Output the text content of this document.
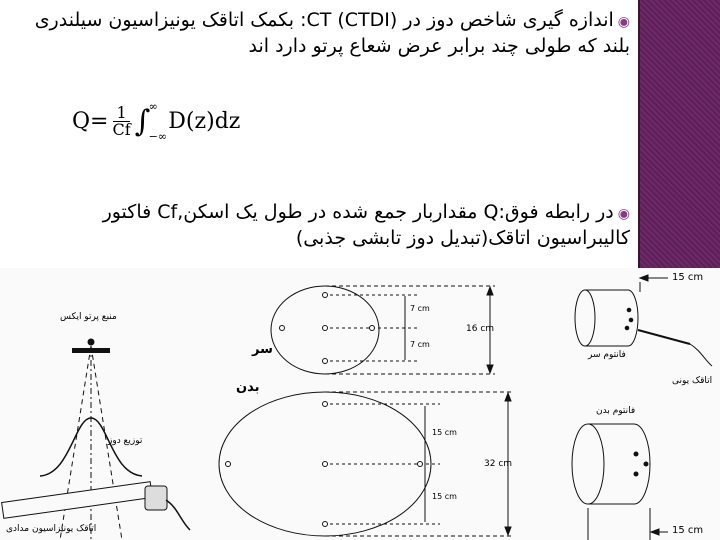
◉اندازه گیری شاخص دوز در CT (CTDI): بکمک اتاقک یونیزاسیون سیلندری بلند که طولی چند برابر عرض شعاع پرتو دارد اند
$Q= \frac{1}{Cf}$ ∫
∞
−∞
D(z)dz
◉در رابطه فوق:Q مقداربار جمع شده در طول یک اسکن,Cf فاکتور کالیبراسیون اتاقک(تبدیل دوز تابشی جذبی)
منبع پرتو ایکس
توزیع دوز
اتاقک یونیزاسیون مدادی
سر
بدن
7 cm
7 cm
16 cm
15 cm
15 cm
32 cm
15 cm
فانتوم سر
اتاقک یونی
فانتوم بدن
15 cm
